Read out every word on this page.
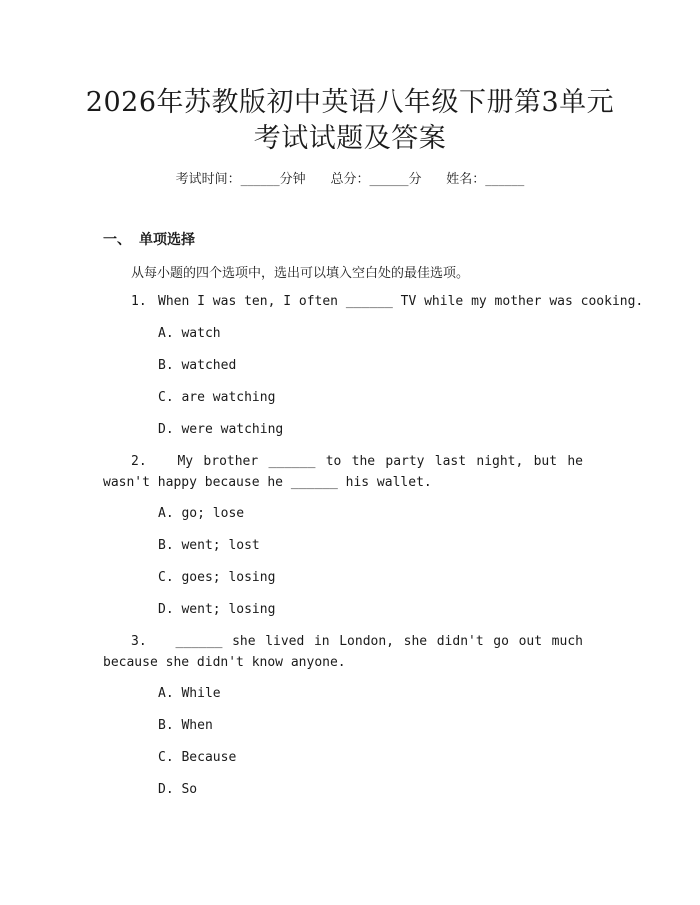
2026年苏教版初中英语八年级下册第3单元
考试试题及答案
考试时间：______分钟 总分：______分 姓名：______
一、 单项选择
从每小题的四个选项中，选出可以填入空白处的最佳选项。
1. When I was ten, I often ______ TV while my mother was cooking.
A. watch
B. watched
C. are watching
D. were watching
2. My brother ______ to the party last night, but he wasn't happy because he ______ his wallet.
A. go; lose
B. went; lost
C. goes; losing
D. went; losing
3. ______ she lived in London, she didn't go out much because she didn't know anyone.
A. While
B. When
C. Because
D. So
